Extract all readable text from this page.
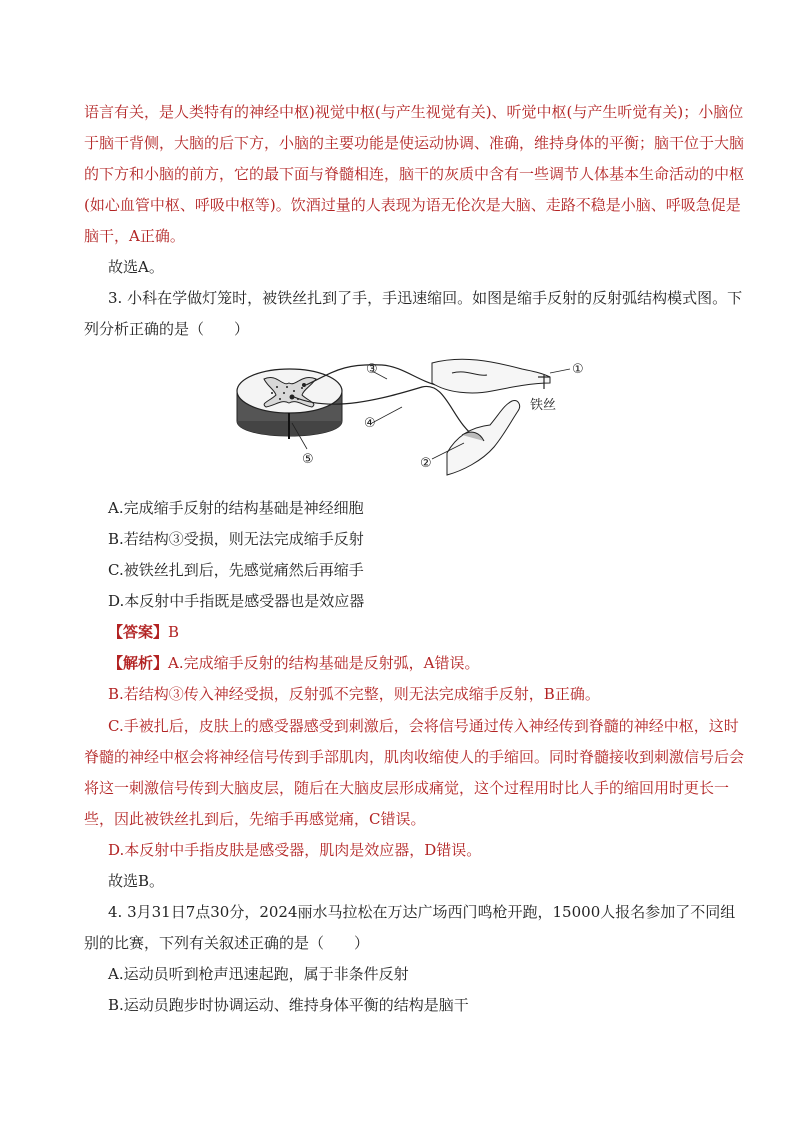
语言有关，是人类特有的神经中枢)视觉中枢(与产生视觉有关)、听觉中枢(与产生听觉有关)；小脑位
于脑干背侧，大脑的后下方，小脑的主要功能是使运动协调、准确，维持身体的平衡；脑干位于大脑
的下方和小脑的前方，它的最下面与脊髓相连，脑干的灰质中含有一些调节人体基本生命活动的中枢
(如心血管中枢、呼吸中枢等)。饮酒过量的人表现为语无伦次是大脑、走路不稳是小脑、呼吸急促是
脑干，A正确。
故选A。
3. 小科在学做灯笼时，被铁丝扎到了手，手迅速缩回。如图是缩手反射的反射弧结构模式图。下
列分析正确的是（　　）
③
④
⑤	②
①
铁丝
A.完成缩手反射的结构基础是神经细胞
B.若结构③受损，则无法完成缩手反射
C.被铁丝扎到后，先感觉痛然后再缩手
D.本反射中手指既是感受器也是效应器
【答案】B
【解析】A.完成缩手反射的结构基础是反射弧，A错误。
B.若结构③传入神经受损，反射弧不完整，则无法完成缩手反射，B正确。
C.手被扎后，皮肤上的感受器感受到刺激后，会将信号通过传入神经传到脊髓的神经中枢，这时
脊髓的神经中枢会将神经信号传到手部肌肉，肌肉收缩使人的手缩回。同时脊髓接收到刺激信号后会
将这一刺激信号传到大脑皮层，随后在大脑皮层形成痛觉，这个过程用时比人手的缩回用时更长一
些，因此被铁丝扎到后，先缩手再感觉痛，C错误。
D.本反射中手指皮肤是感受器，肌肉是效应器，D错误。
故选B。
4. 3月31日7点30分，2024丽水马拉松在万达广场西门鸣枪开跑，15000人报名参加了不同组
别的比赛，下列有关叙述正确的是（　　）
A.运动员听到枪声迅速起跑，属于非条件反射
B.运动员跑步时协调运动、维持身体平衡的结构是脑干
